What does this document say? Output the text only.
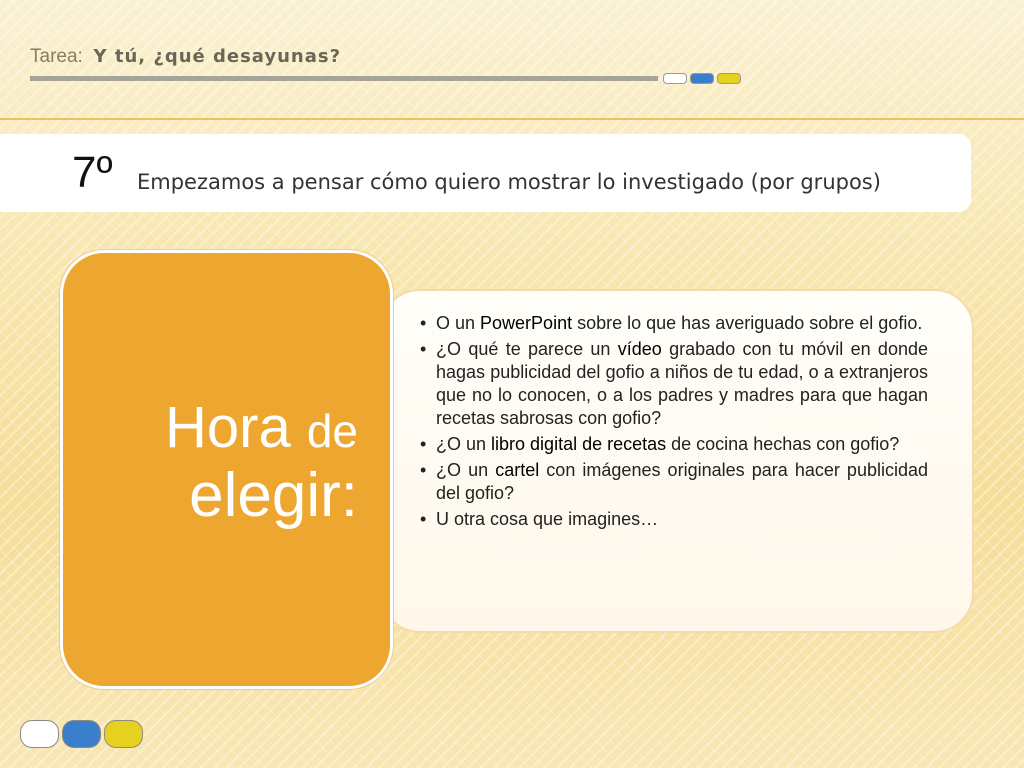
Tarea: Y tú, ¿qué desayunas?
7º Empezamos a pensar cómo quiero mostrar lo investigado (por grupos)
Hora de
elegir:
• O un PowerPoint sobre lo que has averiguado sobre el gofio.
• ¿O qué te parece un vídeo grabado con tu móvil en donde hagas publicidad del gofio a niños de tu edad, o a extranjeros que no lo conocen, o a los padres y madres para que hagan recetas sabrosas con gofio?
• ¿O un libro digital de recetas de cocina hechas con gofio?
• ¿O un cartel con imágenes originales para hacer publicidad del gofio?
• U otra cosa que imagines…
